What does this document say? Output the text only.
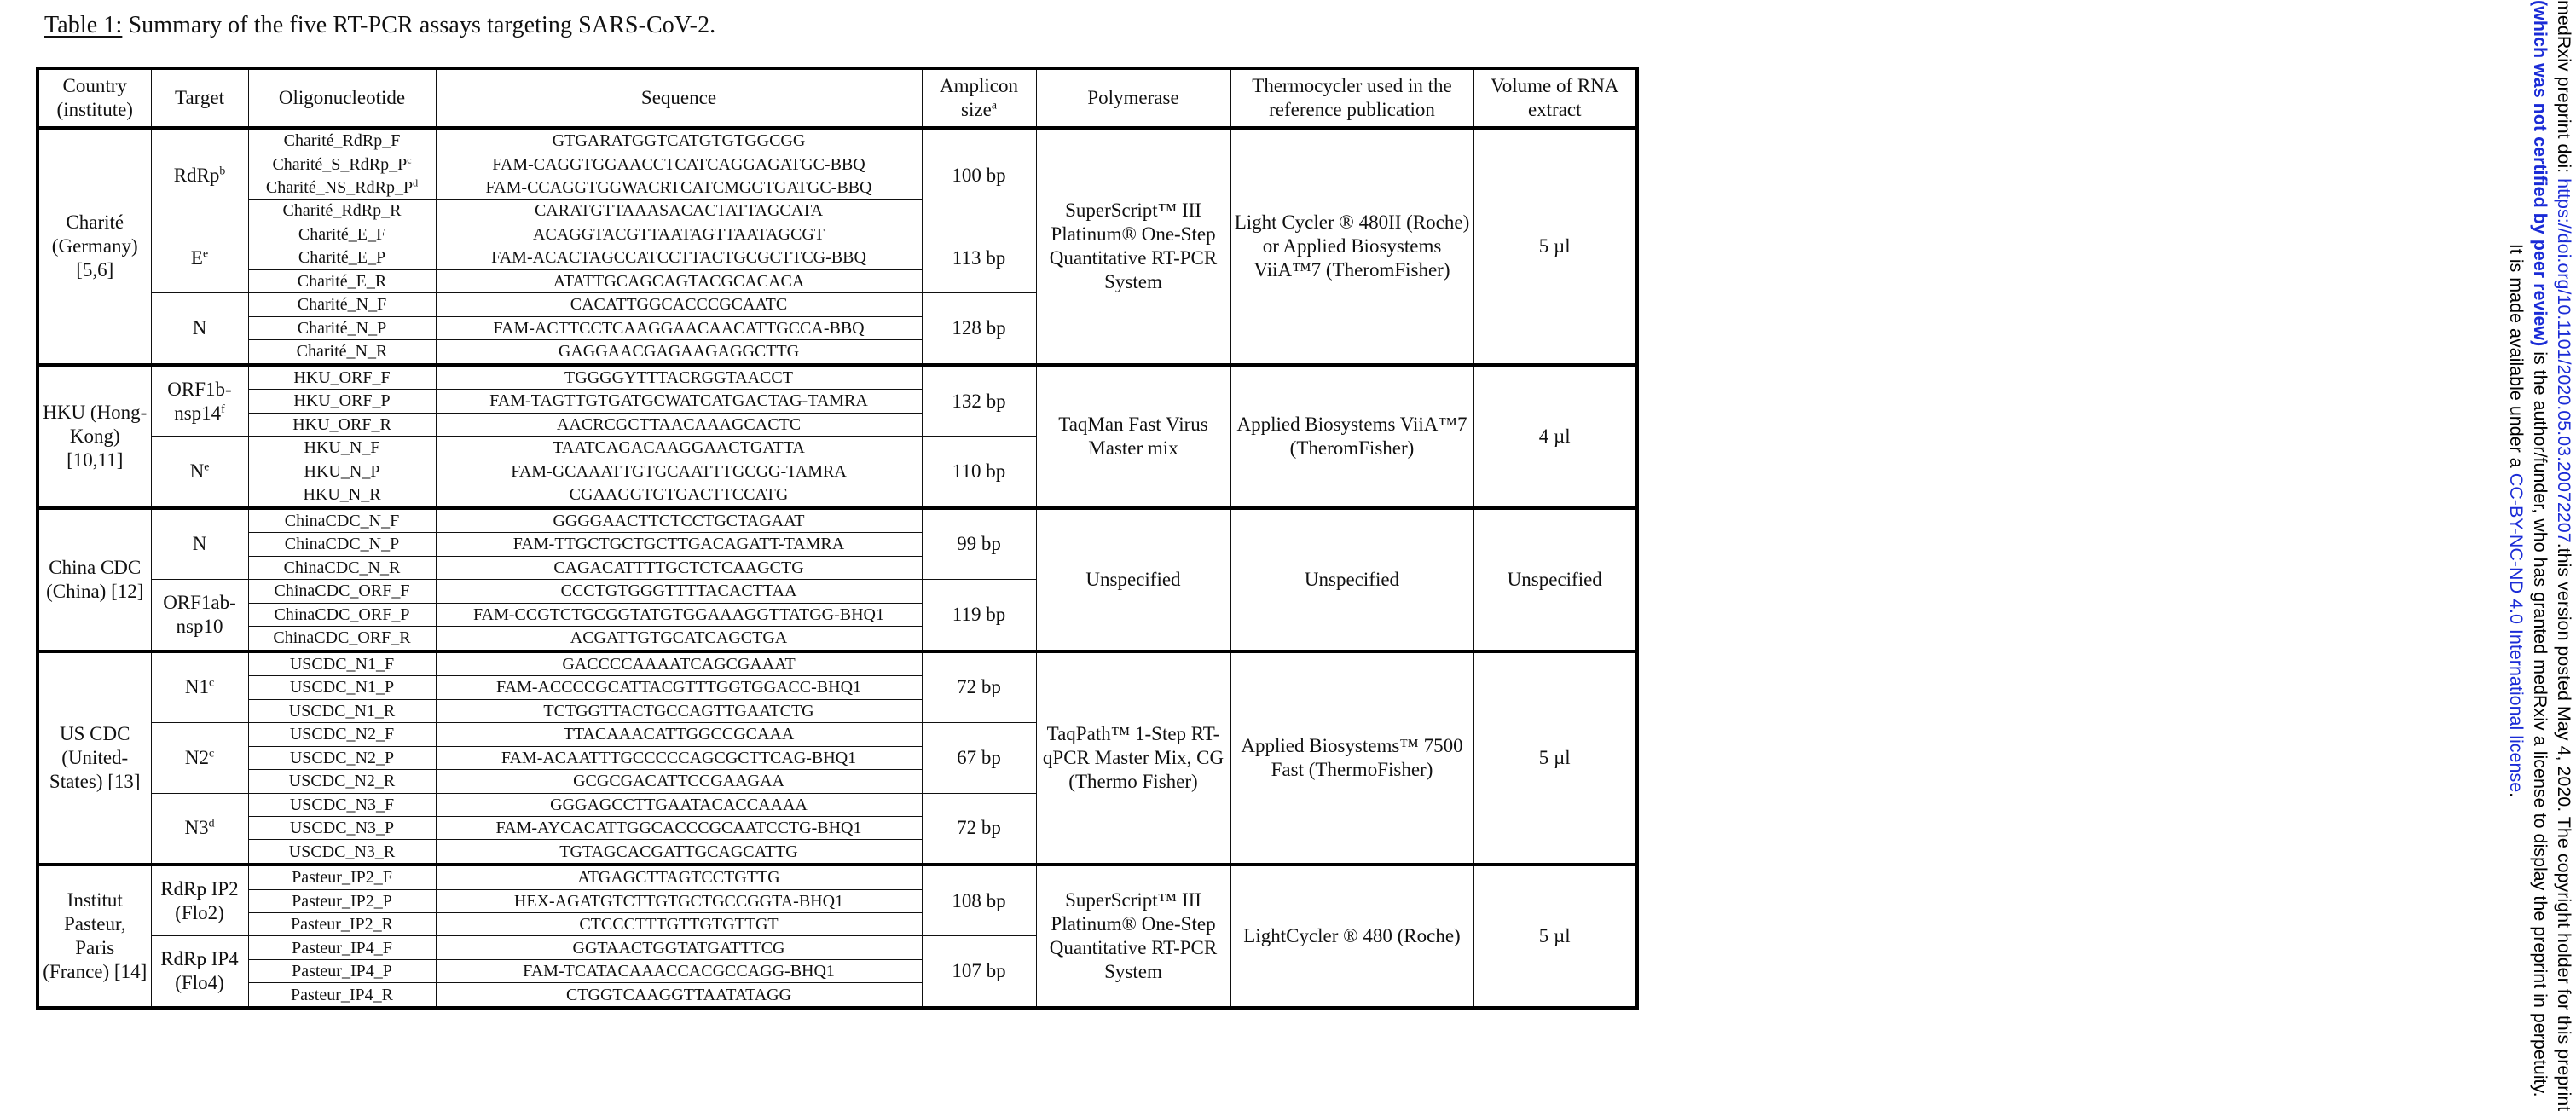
Table 1: Summary of the five RT-PCR assays targeting SARS-CoV-2.
Country (institute)	Target	Oligonucleotide	Sequence	Amplicon size$^a$	Polymerase	Thermocycler used in the reference publication	Volume of RNA extract
Charité (Germany) [5,6]	RdRp$^b$	Charité_RdRp_F	GTGARATGGTCATGTGTGGCGG	100 bp	SuperScript™ III Platinum® One-Step Quantitative RT-PCR System	Light Cycler ® 480II (Roche) or Applied Biosystems ViiA™7 (TheromFisher)	5 µl
		$Charité\_S\_RdRp\_P^c$	FAM-CAGGTGGAACCTCATCAGGAGATGC-BBQ				
		$Charité\_NS\_RdRp\_P^d$	FAM-CCAGGTGGWACRTCATCMGGTGATGC-BBQ				
		Charité_RdRp_R	CARATGTTAAASACACTATTAGCATA				
	$E^e$	Charité_E_F	ACAGGTACGTTAATAGTTAATAGCGT	113 bp			
		Charité_E_P	FAM-ACACTAGCCATCCTTACTGCGCTTCG-BBQ				
		Charité_E_R	ATATTGCAGCAGTACGCACACA				
	N	Charité_N_F	CACATTGGCACCCGCAATC	128 bp			
		Charité_N_P	FAM-ACTTCCTCAAGGAACAACATTGCCA-BBQ				
		Charité_N_R	GAGGAACGAGAAGAGGCTTG				
HKU (Hong-Kong) [10,11]	ORF1b-nsp14$^f$	HKU_ORF_F	TGGGGYTTTACRGGTAACCT	132 bp	TaqMan Fast Virus Master mix	Applied Biosystems ViiA™7 (TheromFisher)	4 µl
		HKU_ORF_P	FAM-TAGTTGTGATGCWATCATGACTAG-TAMRA				
		HKU_ORF_R	AACRCGCTTAACAAAGCACTC				
	$N^e$	HKU_N_F	TAATCAGACAAGGAACTGATTA	110 bp			
		HKU_N_P	FAM-GCAAATTGTGCAATTTGCGG-TAMRA				
		HKU_N_R	CGAAGGTGTGACTTCCATG				
China CDC (China) [12]	N	ChinaCDC_N_F	GGGGAACTTCTCCTGCTAGAAT	99 bp	Unspecified	Unspecified	Unspecified
		ChinaCDC_N_P	FAM-TTGCTGCTGCTTGACAGATT-TAMRA				
		ChinaCDC_N_R	CAGACATTTTGCTCTCAAGCTG				
	ORF1ab-nsp10	ChinaCDC_ORF_F	CCCTGTGGGTTTTACACTTAA	119 bp			
		ChinaCDC_ORF_P	FAM-CCGTCTGCGGTATGTGGAAAGGTTATGG-BHQ1				
		ChinaCDC_ORF_R	ACGATTGTGCATCAGCTGA				
US CDC (United-States) [13]	N1$^c$	USCDC_N1_F	GACCCCAAAATCAGCGAAAT	72 bp	TaqPath™ 1-Step RT-qPCR Master Mix, CG (Thermo Fisher)	Applied Biosystems™ 7500 Fast (ThermoFisher)	5 µl
		USCDC_N1_P	FAM-ACCCCGCATTACGTTTGGTGGACC-BHQ1				
		USCDC_N1_R	TCTGGTTACTGCCAGTTGAATCTG				
	N2$^c$	USCDC_N2_F	TTACAAACATTGGCCGCAAA	67 bp			
		USCDC_N2_P	FAM-ACAATTTGCCCCCAGCGCTTCAG-BHQ1				
		USCDC_N2_R	GCGCGACATTCCGAAGAA				
	N3$^d$	USCDC_N3_F	GGGAGCCTTGAATACACCAAAA	72 bp			
		USCDC_N3_P	FAM-AYCACATTGGCACCCGCAATCCTG-BHQ1				
		USCDC_N3_R	TGTAGCACGATTGCAGCATTG				
Institut Pasteur, Paris (France) [14]	RdRp IP2 (Flo2)	Pasteur_IP2_F	ATGAGCTTAGTCCTGTTG	108 bp	SuperScript™ III Platinum® One-Step Quantitative RT-PCR System	LightCycler ® 480 (Roche)	5 µl
		Pasteur_IP2_P	HEX-AGATGTCTTGTGCTGCCGGTA-BHQ1				
		Pasteur_IP2_R	CTCCCTTTGTTGTGTTGT				
	RdRp IP4 (Flo4)	Pasteur_IP4_F	GGTAACTGGTATGATTTCG	107 bp			
		Pasteur_IP4_P	FAM-TCATACAAACCACGCCAGG-BHQ1				
		Pasteur_IP4_R	CTGGTCAAGGTTAATATAGG				
medRxiv preprint doi: https://doi.org/10.1101/2020.05.03.20072207.this version posted May 4, 2020. The copyright holder for this preprint
(which was not certified by peer review) is the author/funder, who has granted medRxiv a license to display the preprint in perpetuity.
It is made available under a CC-BY-NC-ND 4.0 International license.
